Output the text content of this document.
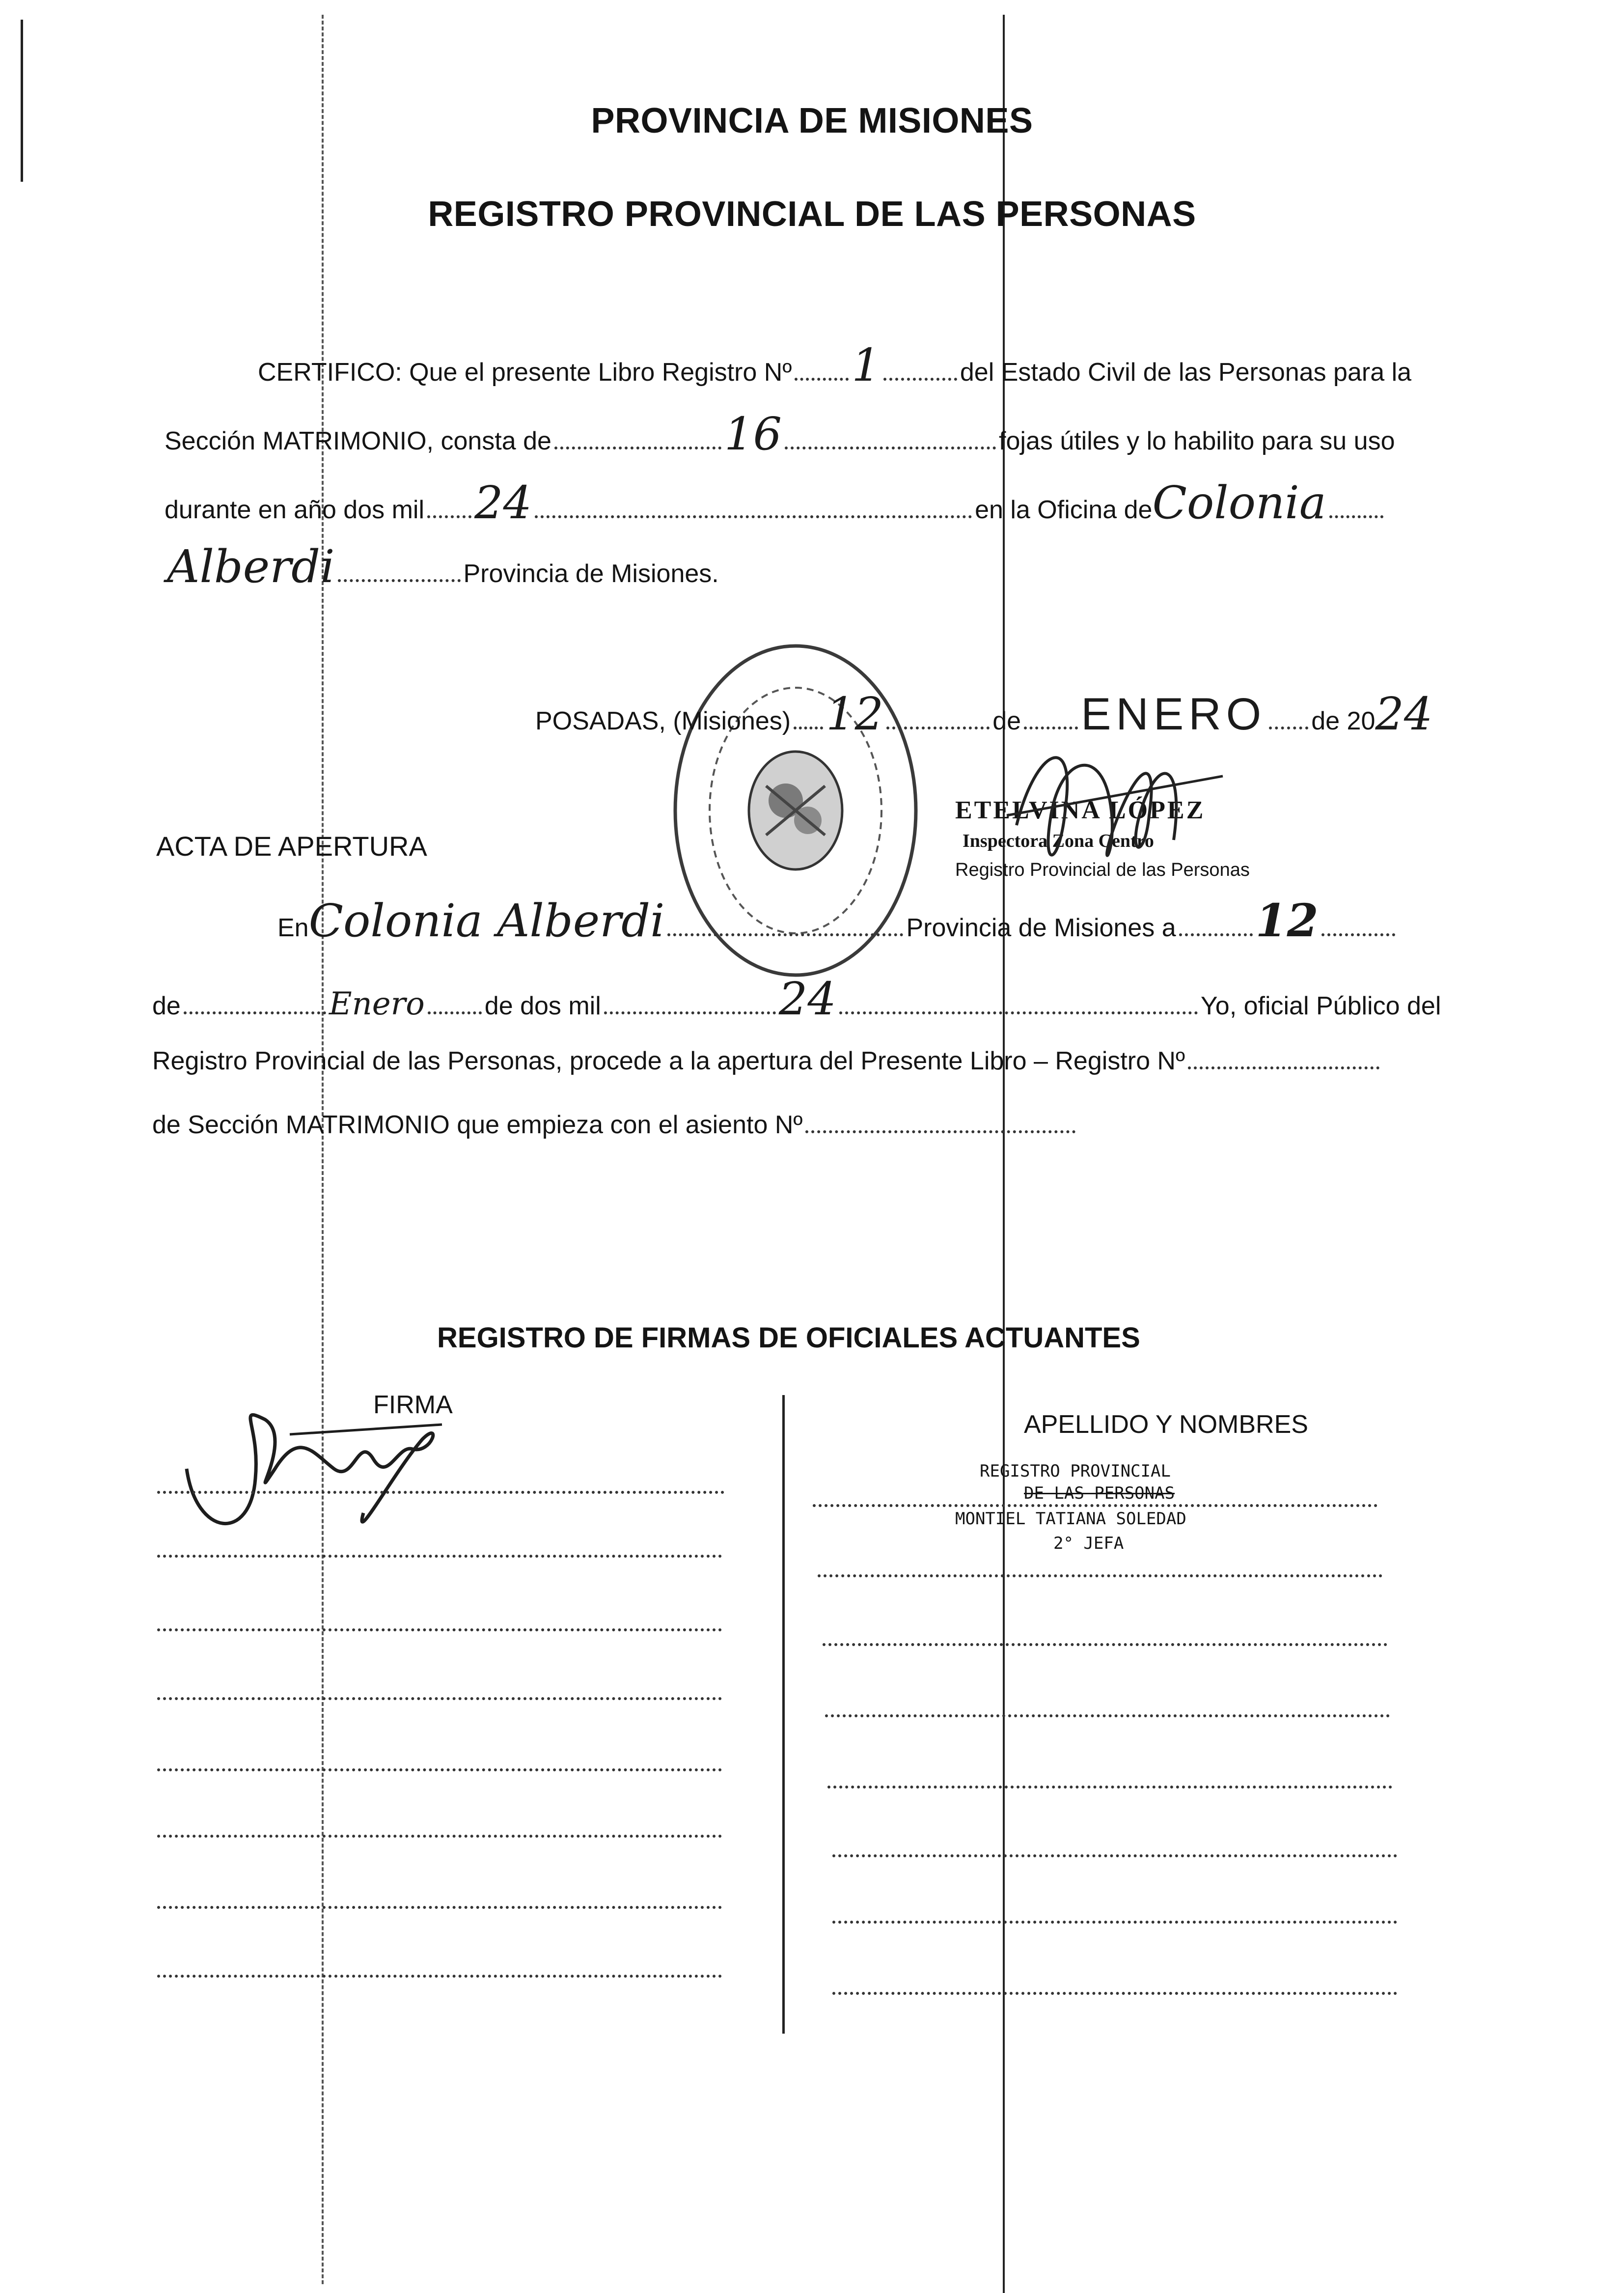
PROVINCIA DE MISIONES
REGISTRO PROVINCIAL DE LAS PERSONAS
CERTIFICO: Que el presente Libro Registro Nº 1	del Estado Civil de las Personas para la
Sección MATRIMONIO, consta de	16	fojas útiles y lo habilito para su uso
durante en año dos mil 24	en la Oficina deColonia
Alberdi	Provincia de Misiones.
POSADAS, (Misiones) 12	de ENERO de 2024
ETELVINA LÓPEZ
Inspectora Zona Centro
Registro Provincial de las Personas
ACTA DE APERTURA
EnColonia Alberdi	Provincia de Misiones a 12
de	Enero de dos mil	24	Yo, oficial Público del
Registro Provincial de las Personas, procede a la apertura del Presente Libro – Registro Nº
de Sección MATRIMONIO que empieza con el asiento Nº
REGISTRO DE FIRMAS DE OFICIALES ACTUANTES
FIRMA
APELLIDO Y NOMBRES
REGISTRO PROVINCIAL
DE LAS PERSONAS
MONTIEL TATIANA SOLEDAD
2° JEFA
